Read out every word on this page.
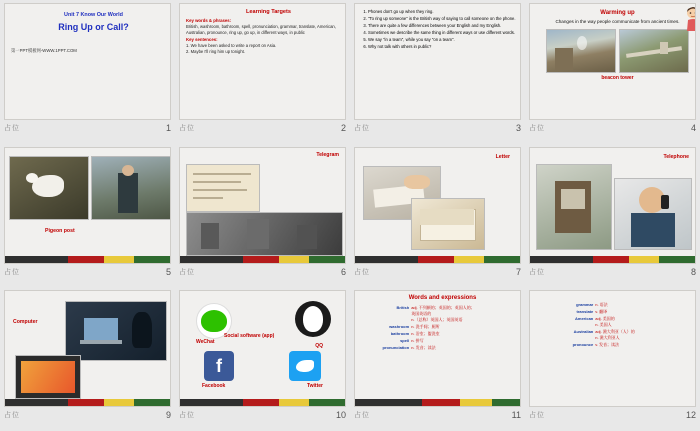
Unit 7 Know Our World
Ring Up or Call?
第一PPT模板网-WWW.1PPT.COM
占位	1
Learning Targets
Key words & phrases:
British, washroom, bathroom, spell, pronunciation, grammar, translate, American, Australian, pronounce, ring up, go up, in different ways, in public
Key sentences:
1. We have been asked to write a report on Asia.
2. Maybe I'll ring him up tonight.
占位	2
1. Phones don't go up when they ring.
2. "To ring up someone" is the British way of saying to call someone on the phone.
3. There are quite a few differences between your English and my English.
4. Sometimes we describe the same thing in different ways or use different words.
5. We say "in a team", while you say "on a team".
6. Why not talk with others in public?
占位	3
Warming up
Changes in the way people communicate from ancient times.
beacon tower
占位	4
Pigeon post
占位	5
Telegram
占位	6
Letter
占位	7
Telephone
占位	8
Computer
占位	9
WeChat
Social software (app)
QQ
f
Facebook	Twitter
占位	10
Words and expressions
British	adj. 不列颠的；英国的；英国人的；
英国英语的
n.（总称）英国人；英国英语

washroom	n. 洗手间；厕所
bathroom	n. 浴室；盥洗室
spell	n. 拼写
pronunciation	n. 发音；读法
占位	11
grammar	n. 语法
translate	v. 翻译
American	adj. 美国的
n. 美国人

Australian	adj. 澳大利亚（人）的
n. 澳大利亚人

pronounce	v. 发音；读法
占位	12
